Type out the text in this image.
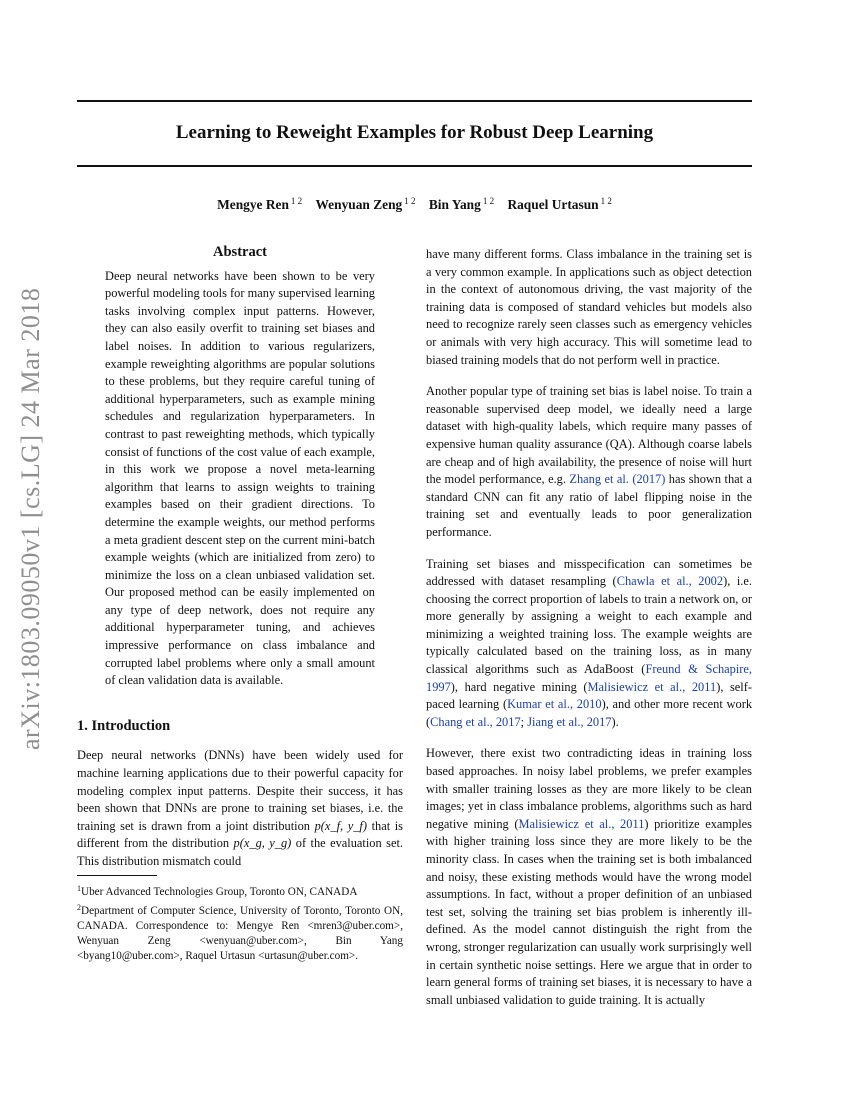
Learning to Reweight Examples for Robust Deep Learning
Mengye Ren $^{1 2}$ Wenyuan Zeng $^{1 2}$ Bin Yang $^{1 2}$ Raquel Urtasun $^{1 2}$
arXiv:1803.09050v1 [cs.LG] 24 Mar 2018
Abstract

Deep neural networks have been shown to be very powerful modeling tools for many supervised learning tasks involving complex input patterns. However, they can also easily overfit to training set biases and label noises. In addition to various regularizers, example reweighting algorithms are popular solutions to these problems, but they require careful tuning of additional hyperparameters, such as example mining schedules and regularization hyperparameters. In contrast to past reweighting methods, which typically consist of functions of the cost value of each example, in this work we propose a novel meta-learning algorithm that learns to assign weights to training examples based on their gradient directions. To determine the example weights, our method performs a meta gradient descent step on the current mini-batch example weights (which are initialized from zero) to minimize the loss on a clean unbiased validation set. Our proposed method can be easily implemented on any type of deep network, does not require any additional hyperparameter tuning, and achieves impressive performance on class imbalance and corrupted label problems where only a small amount of clean validation data is available.

1. Introduction

Deep neural networks (DNNs) have been widely used for machine learning applications due to their powerful capacity for modeling complex input patterns. Despite their success, it has been shown that DNNs are prone to training set biases, i.e. the training set is drawn from a joint distribution p(x_f, y_f) that is different from the distribution p(x_g, y_g) of the evaluation set. This distribution mismatch could

$^1$Uber Advanced Technologies Group, Toronto ON, CANADA
$^2$Department of Computer Science, University of Toronto, Toronto ON, CANADA. Correspondence to: Mengye Ren <mren3@uber.com>, Wenyuan Zeng <wenyuan@uber.com>, Bin Yang <byang10@uber.com>, Raquel Urtasun <urtasun@uber.com>.

have many different forms. Class imbalance in the training set is a very common example. In applications such as object detection in the context of autonomous driving, the vast majority of the training data is composed of standard vehicles but models also need to recognize rarely seen classes such as emergency vehicles or animals with very high accuracy. This will sometime lead to biased training models that do not perform well in practice.

Another popular type of training set bias is label noise. To train a reasonable supervised deep model, we ideally need a large dataset with high-quality labels, which require many passes of expensive human quality assurance (QA). Although coarse labels are cheap and of high availability, the presence of noise will hurt the model performance, e.g. Zhang et al. (2017) has shown that a standard CNN can fit any ratio of label flipping noise in the training set and eventually leads to poor generalization performance.

Training set biases and misspecification can sometimes be addressed with dataset resampling (Chawla et al., 2002), i.e. choosing the correct proportion of labels to train a network on, or more generally by assigning a weight to each example and minimizing a weighted training loss. The example weights are typically calculated based on the training loss, as in many classical algorithms such as AdaBoost (Freund & Schapire, 1997), hard negative mining (Malisiewicz et al., 2011), self-paced learning (Kumar et al., 2010), and other more recent work (Chang et al., 2017; Jiang et al., 2017).

However, there exist two contradicting ideas in training loss based approaches. In noisy label problems, we prefer examples with smaller training losses as they are more likely to be clean images; yet in class imbalance problems, algorithms such as hard negative mining (Malisiewicz et al., 2011) prioritize examples with higher training loss since they are more likely to be the minority class. In cases when the training set is both imbalanced and noisy, these existing methods would have the wrong model assumptions. In fact, without a proper definition of an unbiased test set, solving the training set bias problem is inherently ill-defined. As the model cannot distinguish the right from the wrong, stronger regularization can usually work surprisingly well in certain synthetic noise settings. Here we argue that in order to learn general forms of training set biases, it is necessary to have a small unbiased validation to guide training. It is actually
